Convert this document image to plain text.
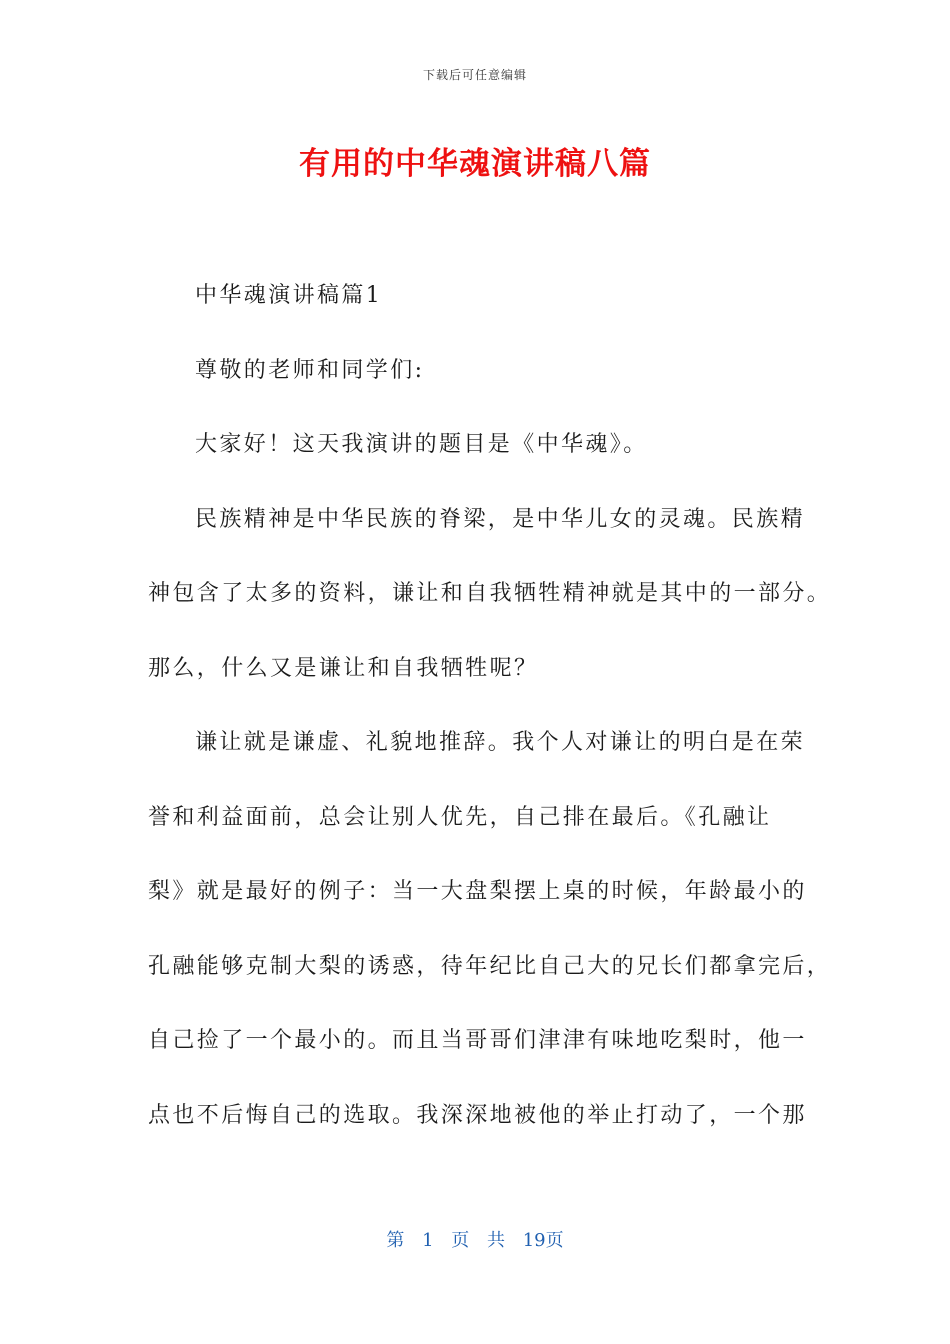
下载后可任意编辑
有用的中华魂演讲稿八篇
中华魂演讲稿篇1
尊敬的老师和同学们:
大家好！这天我演讲的题目是《中华魂》。
民族精神是中华民族的脊梁，是中华儿女的灵魂。民族精
神包含了太多的资料，谦让和自我牺牲精神就是其中的一部分。
那么，什么又是谦让和自我牺牲呢？
谦让就是谦虚、礼貌地推辞。我个人对谦让的明白是在荣
誉和利益面前，总会让别人优先，自己排在最后。《孔融让
梨》就是最好的例子：当一大盘梨摆上桌的时候，年龄最小的
孔融能够克制大梨的诱惑，待年纪比自己大的兄长们都拿完后，
自己捡了一个最小的。而且当哥哥们津津有味地吃梨时，他一
点也不后悔自己的选取。我深深地被他的举止打动了，一个那
第 1 页 共 19页
